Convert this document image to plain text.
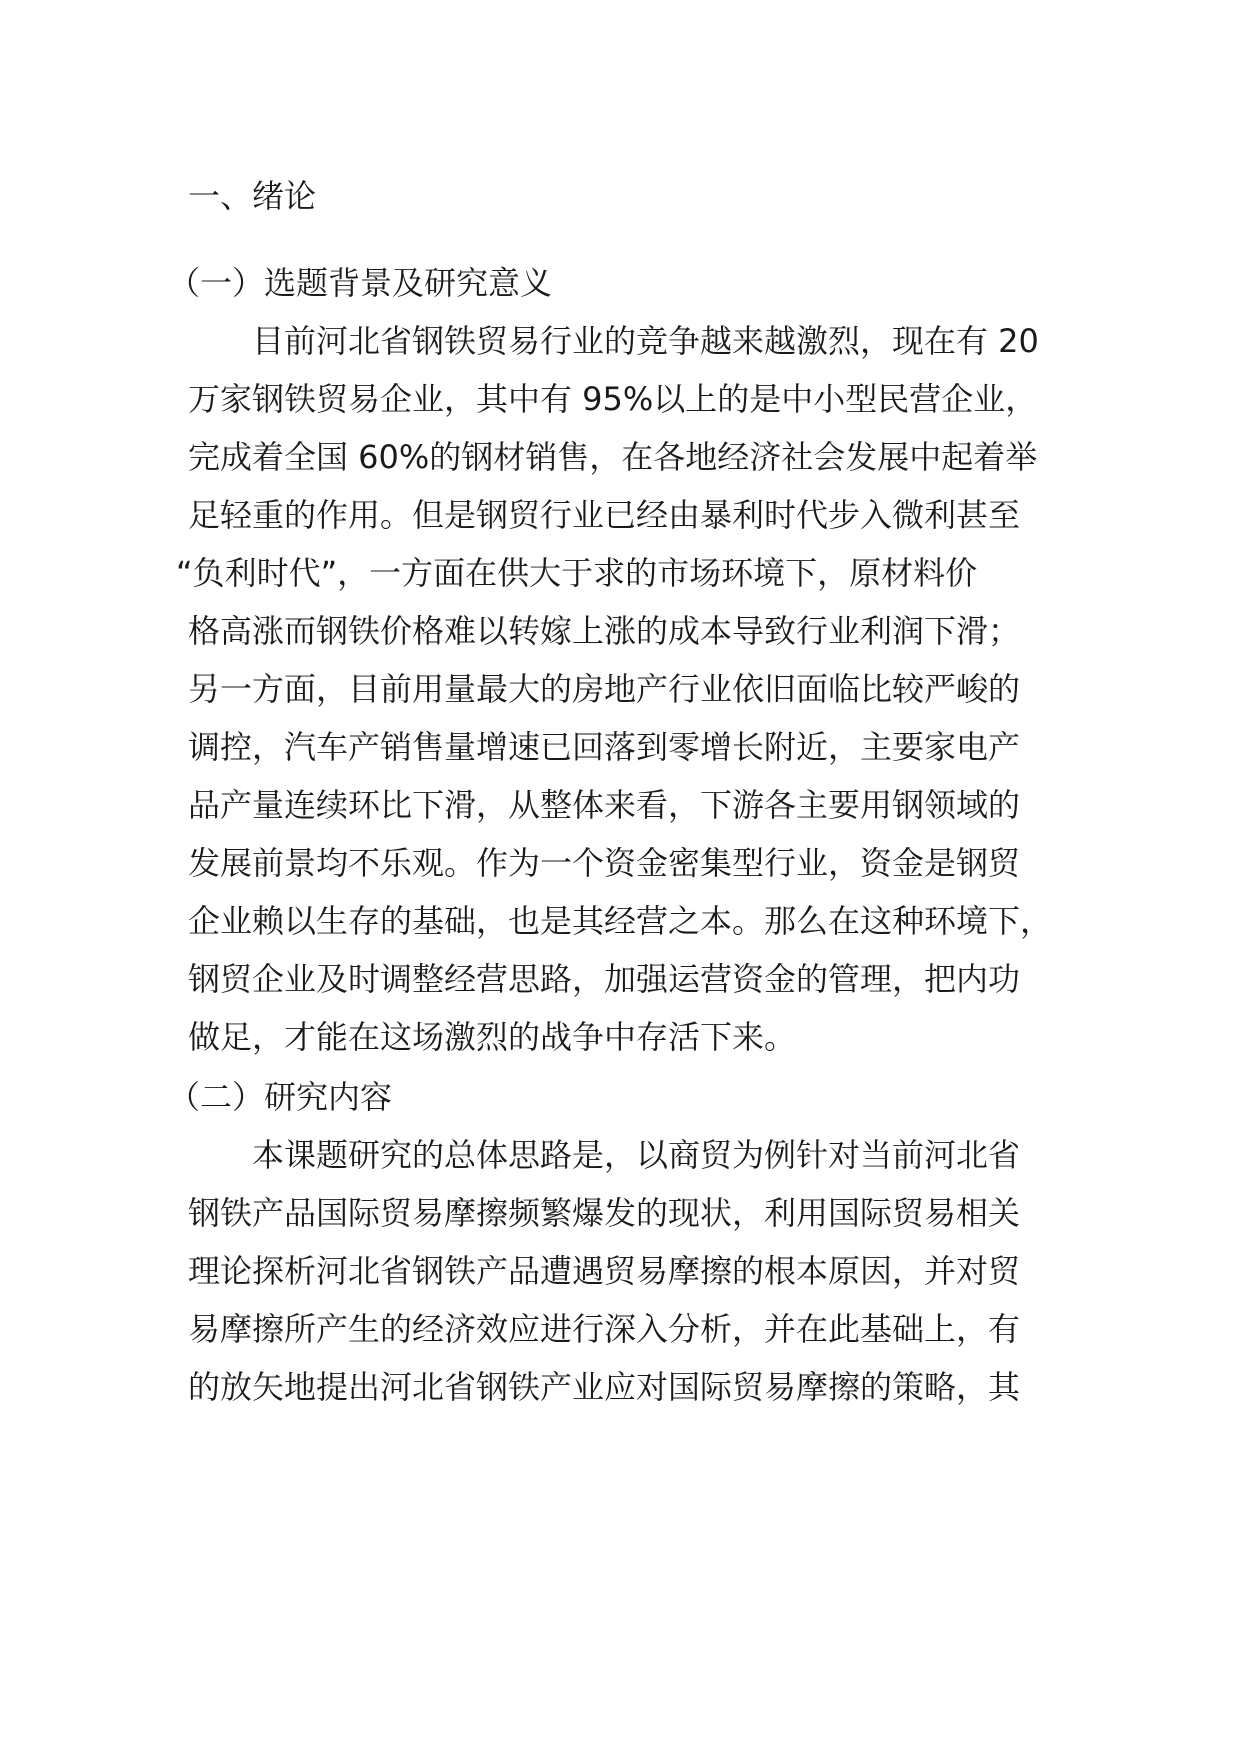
一、绪论
（一）选题背景及研究意义
　　目前河北省钢铁贸易行业的竞争越来越激烈，现在有 20
万家钢铁贸易企业，其中有 95%以上的是中小型民营企业，
完成着全国 60%的钢材销售，在各地经济社会发展中起着举
足轻重的作用。但是钢贸行业已经由暴利时代步入微利甚至
“负利时代”，一方面在供大于求的市场环境下，原材料价
格高涨而钢铁价格难以转嫁上涨的成本导致行业利润下滑；
另一方面，目前用量最大的房地产行业依旧面临比较严峻的
调控，汽车产销售量增速已回落到零增长附近，主要家电产
品产量连续环比下滑，从整体来看，下游各主要用钢领域的
发展前景均不乐观。作为一个资金密集型行业，资金是钢贸
企业赖以生存的基础，也是其经营之本。那么在这种环境下，
钢贸企业及时调整经营思路，加强运营资金的管理，把内功
做足，才能在这场激烈的战争中存活下来。
（二）研究内容
　　本课题研究的总体思路是，以商贸为例针对当前河北省
钢铁产品国际贸易摩擦频繁爆发的现状，利用国际贸易相关
理论探析河北省钢铁产品遭遇贸易摩擦的根本原因，并对贸
易摩擦所产生的经济效应进行深入分析，并在此基础上，有
的放矢地提出河北省钢铁产业应对国际贸易摩擦的策略，其
